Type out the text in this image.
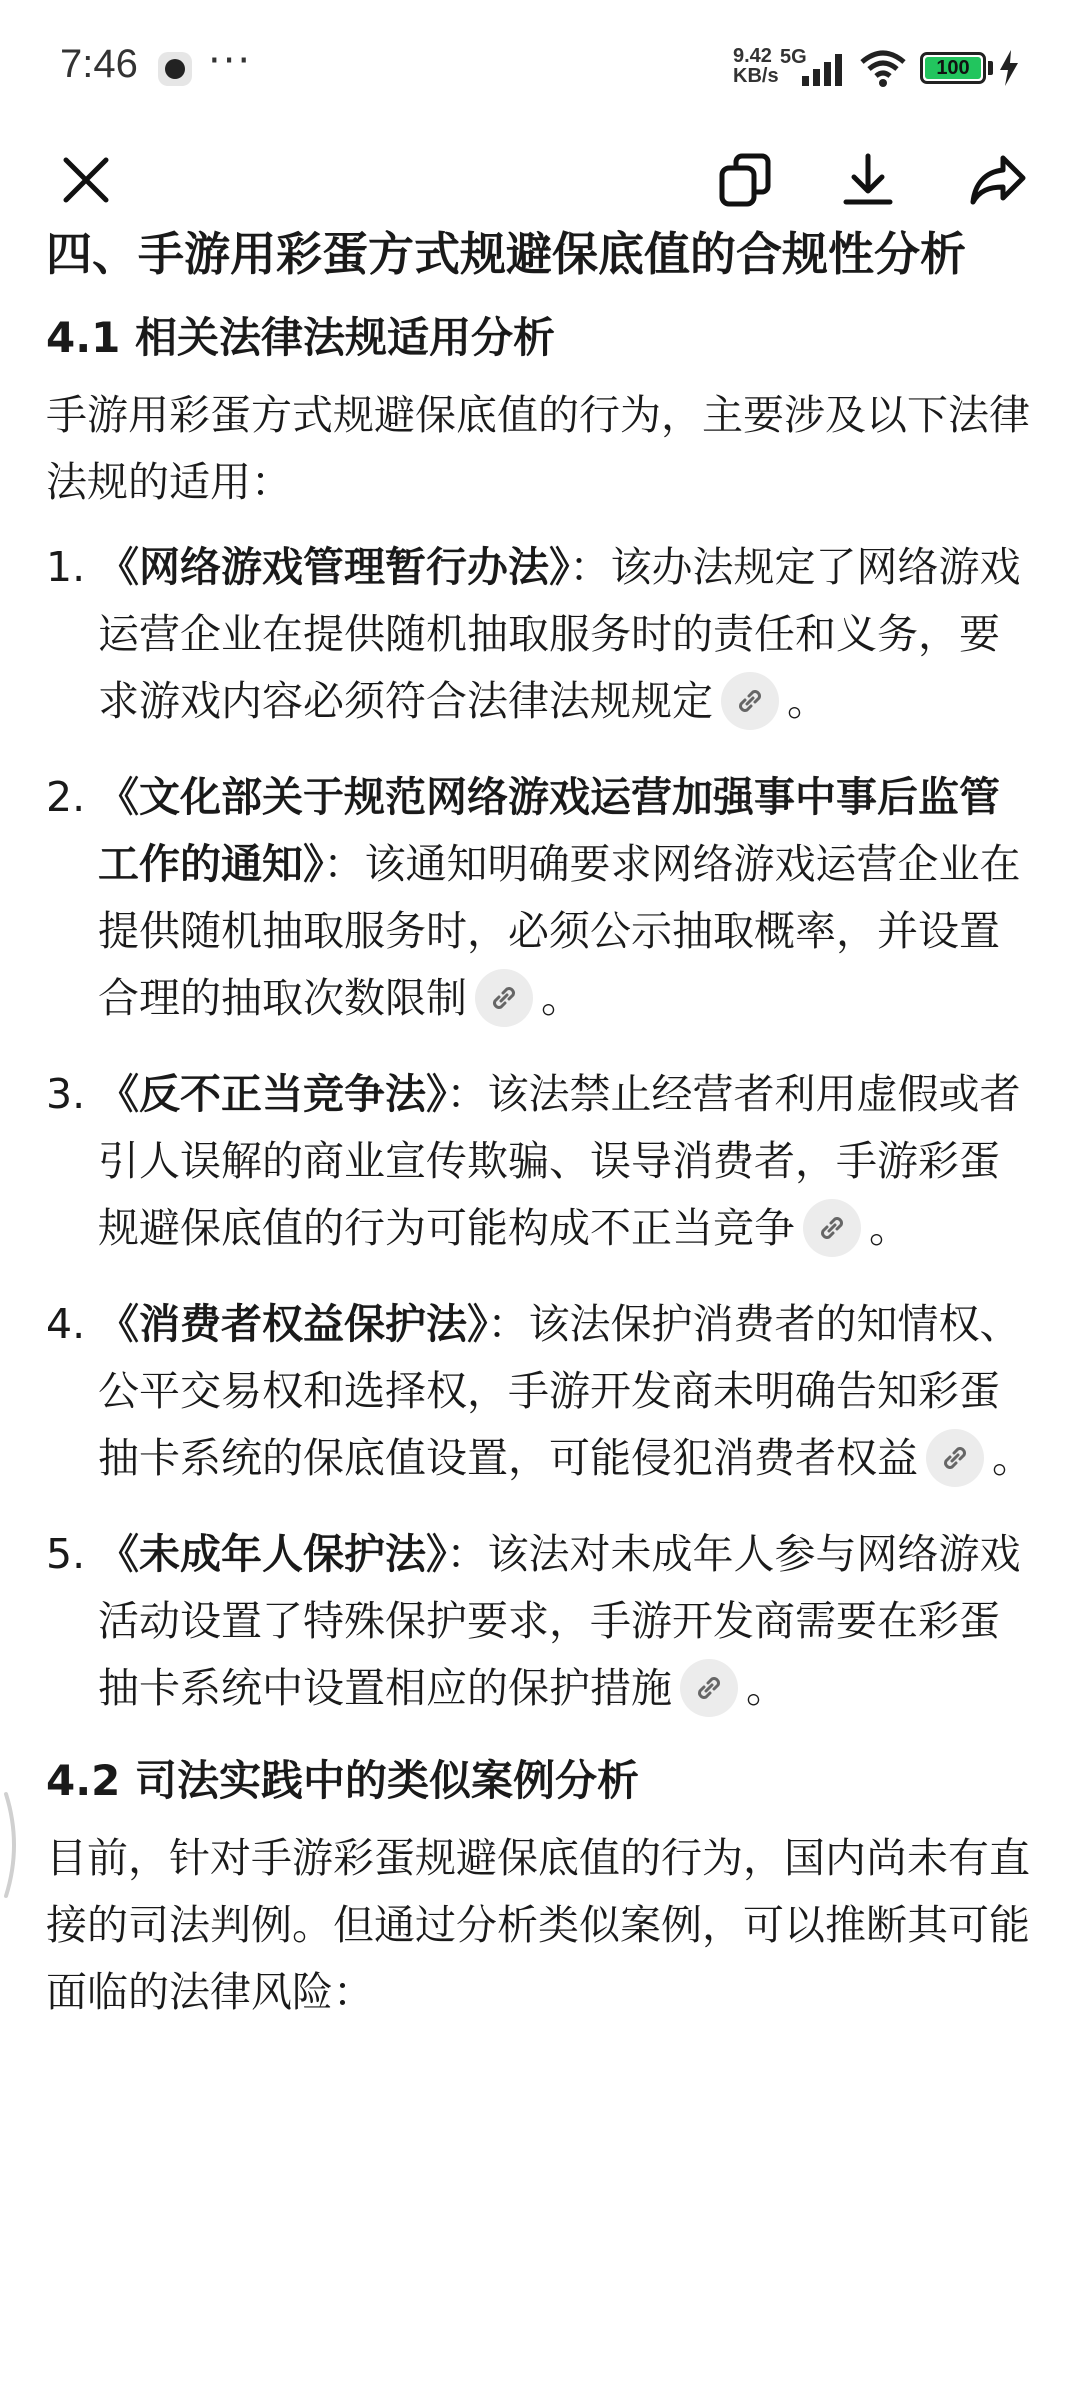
7:46 ···	9.42
KB/s
5G	100
四、手游用彩蛋方式规避保底值的合规性分析
4.1 相关法律法规适用分析

手游用彩蛋方式规避保底值的行为，主要涉及以下法律法规的适用：

1. 《网络游戏管理暂行办法》：该办法规定了网络游戏运营企业在提供随机抽取服务时的责任和义务，要求游戏内容必须符合法律法规规定 。
2. 《文化部关于规范网络游戏运营加强事中事后监管工作的通知》：该通知明确要求网络游戏运营企业在提供随机抽取服务时，必须公示抽取概率，并设置合理的抽取次数限制 。
3. 《反不正当竞争法》：该法禁止经营者利用虚假或者引人误解的商业宣传欺骗、误导消费者，手游彩蛋规避保底值的行为可能构成不正当竞争 。
4. 《消费者权益保护法》：该法保护消费者的知情权、公平交易权和选择权，手游开发商未明确告知彩蛋抽卡系统的保底值设置，可能侵犯消费者权益 。
5. 《未成年人保护法》：该法对未成年人参与网络游戏活动设置了特殊保护要求，手游开发商需要在彩蛋抽卡系统中设置相应的保护措施 。
4.2 司法实践中的类似案例分析

目前，针对手游彩蛋规避保底值的行为，国内尚未有直接的司法判例。但通过分析类似案例，可以推断其可能面临的法律风险：
